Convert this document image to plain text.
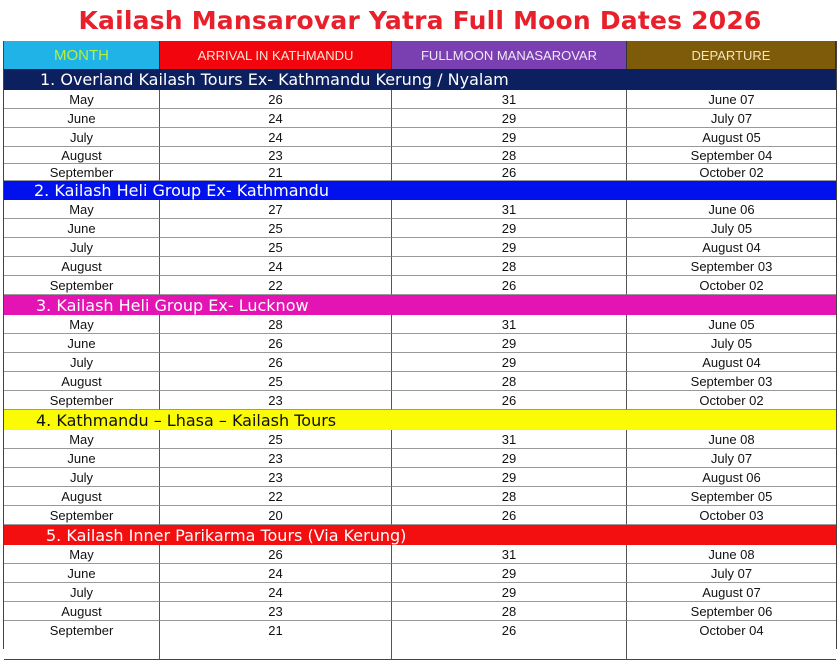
Kailash Mansarovar Yatra Full Moon Dates 2026
MONTH	ARRIVAL IN KATHMANDU	FULLMOON MANASAROVAR	DEPARTURE
1. Overland Kailash Tours Ex- Kathmandu Kerung / Nyalam
May	26	31	June 07
June	24	29	July 07
July	24	29	August 05
August	23	28	September 04
September	21	26	October 02
2. Kailash Heli Group Ex- Kathmandu
May	27	31	June 06
June	25	29	July 05
July	25	29	August 04
August	24	28	September 03
September	22	26	October 02
3. Kailash Heli Group Ex- Lucknow
May	28	31	June 05
June	26	29	July 05
July	26	29	August 04
August	25	28	September 03
September	23	26	October 02
4. Kathmandu – Lhasa – Kailash Tours
May	25	31	June 08
June	23	29	July 07
July	23	29	August 06
August	22	28	September 05
September	20	26	October 03
5. Kailash Inner Parikarma Tours (Via Kerung)
May	26	31	June 08
June	24	29	July 07
July	24	29	August 07
August	23	28	September 06
September	21	26	October 04
